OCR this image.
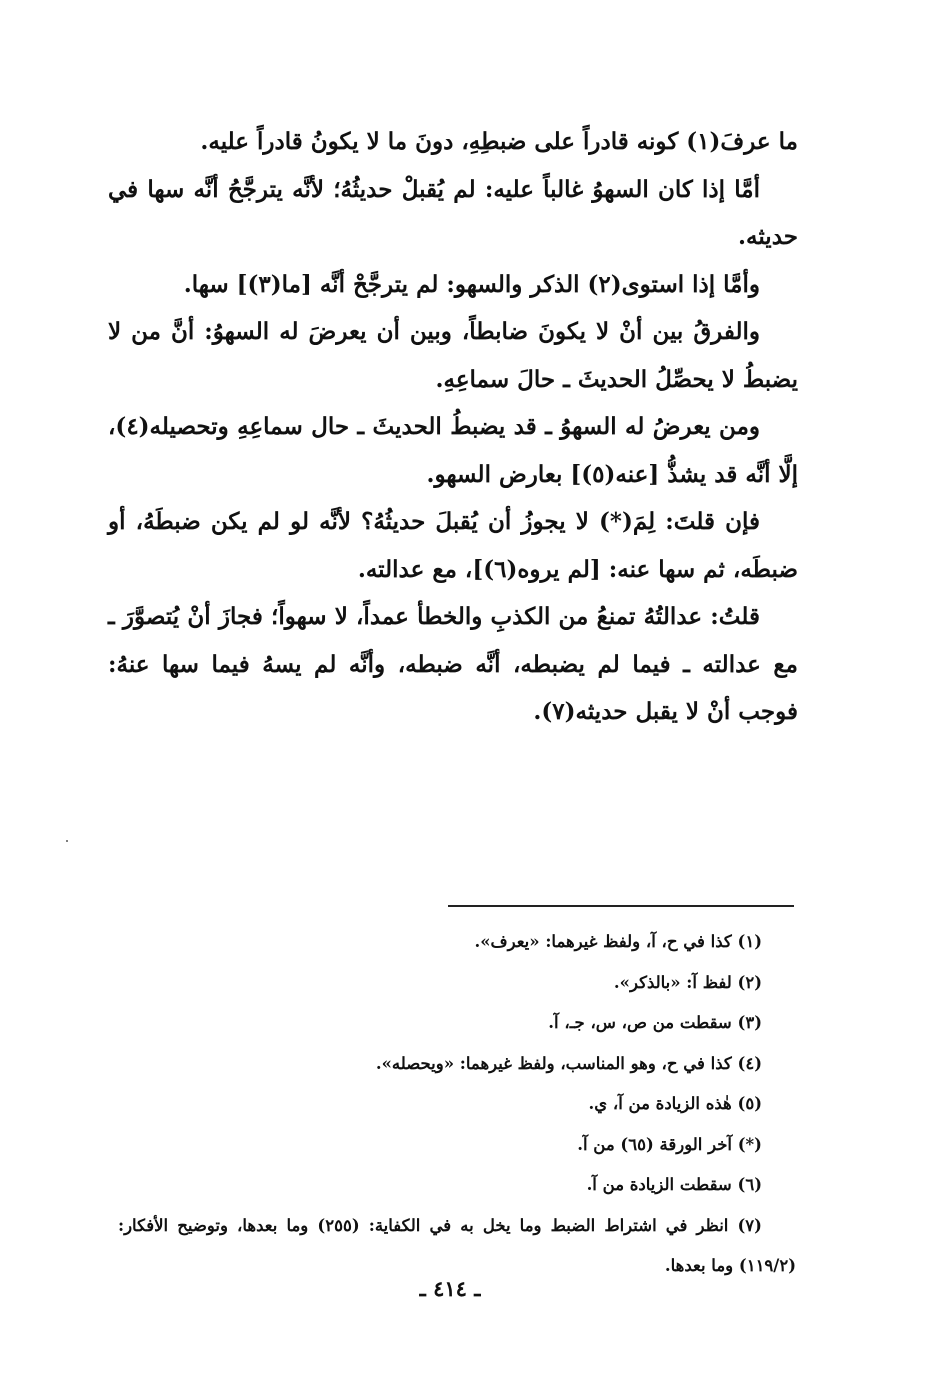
ما عرفَ(١) كونه قادراً على ضبطِهِ، دونَ ما لا يكونُ قادراً عليه.

أمَّا إذا كان السهوُ غالباً عليه: لم يُقبلْ حديثُهُ؛ لأنَّه يترجَّحُ أنَّه سها في حديثه.

وأمَّا إذا استوى(٢) الذكر والسهو: لم يترجَّحْ أنَّه [ما(٣)] سها.

والفرقُ بين أنْ لا يكونَ ضابطاً، وبين أن يعرضَ له السهوُ: أنَّ من لا يضبطُ لا يحصِّلُ الحديثَ ـ حالَ سماعِهِ.

ومن يعرضُ له السهوُ ـ قد يضبطُ الحديثَ ـ حال سماعِهِ وتحصيله(٤)، إلَّا أنَّه قد يشذُّ [عنه(٥)] بعارض السهو.

فإن قلتَ: لِمَ(*) لا يجوزُ أن يُقبلَ حديثُهُ؟ لأنَّه لو لم يكن ضبطَهُ، أو ضبطَه، ثم سها عنه: [لم يروه(٦)]، مع عدالته.

قلتُ: عدالتُهُ تمنعُ من الكذبِ والخطأ عمداً، لا سهواً؛ فجازَ أنْ يُتصوَّرَ ـ مع عدالته ـ فيما لم يضبطه، أنَّه ضبطه، وأنَّه لم يسهُ فيما سها عنهُ: فوجب أنْ لا يقبل حديثه(٧).

(١) كذا في ح، آ، ولفظ غيرهما: «يعرف».

(٢) لفظ آ: «بالذكر».

(٣) سقطت من ص، س، جـ، آ.

(٤) كذا في ح، وهو المناسب، ولفظ غيرهما: «ويحصله».

(٥) هٰذه الزيادة من آ، ي.

(*) آخر الورقة (٦٥) من آ.

(٦) سقطت الزيادة من آ.

(٧) انظر في اشتراط الضبط وما يخل به في الكفاية: (٢٥٥) وما بعدها، وتوضيح الأفكار: (١١٩/٢) وما بعدها.

ـ ٤١٤ ـ
